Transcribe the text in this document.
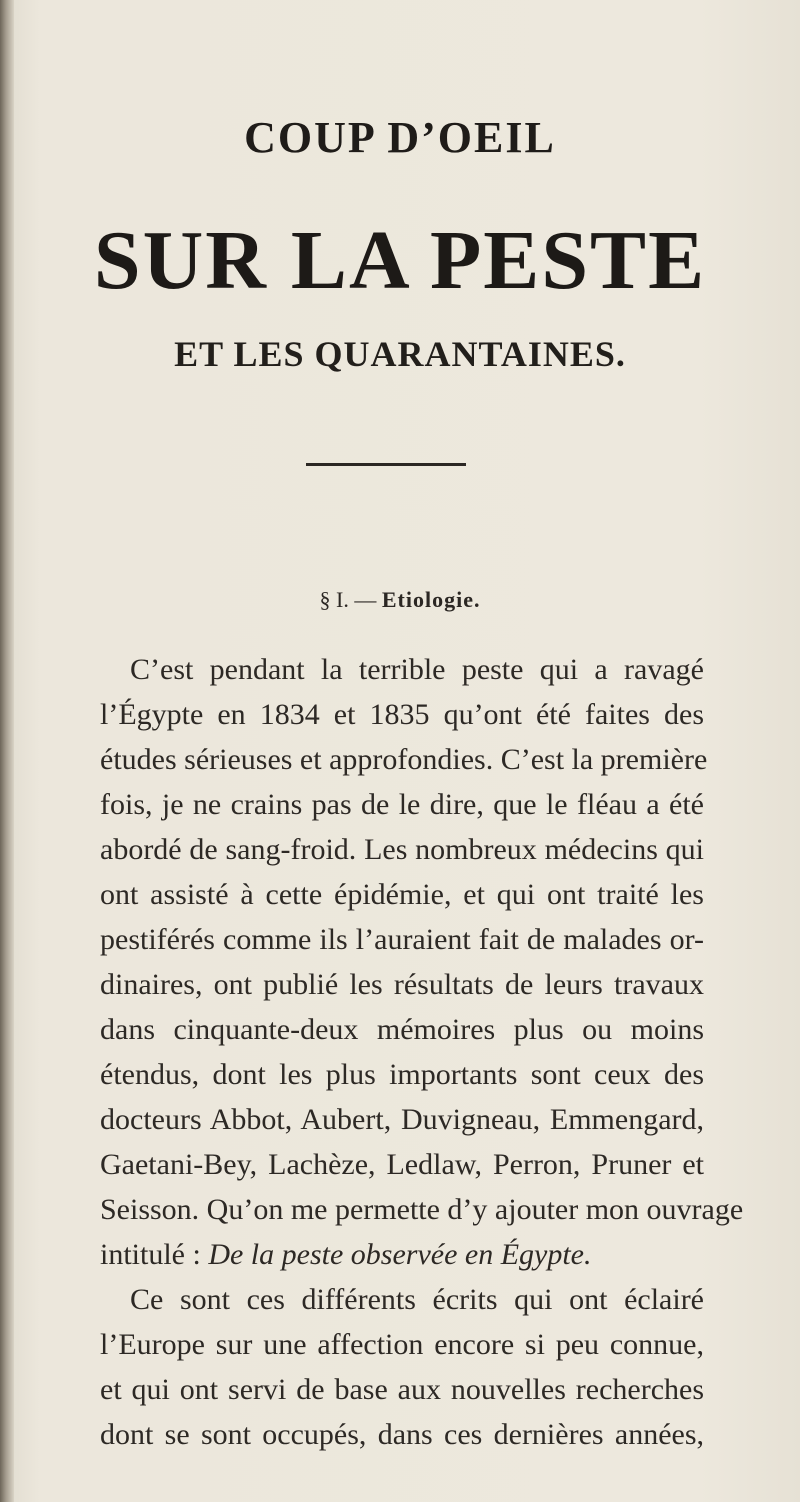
COUP D’OEIL
SUR LA PESTE
ET LES QUARANTAINES.
§ I. — Etiologie.
C’est pendant la terrible peste qui a ravagé
l’Égypte en 1834 et 1835 qu’ont été faites des
études sérieuses et approfondies. C’est la première
fois, je ne crains pas de le dire, que le fléau a été
abordé de sang-froid. Les nombreux médecins qui
ont assisté à cette épidémie, et qui ont traité les
pestiférés comme ils l’auraient fait de malades or-
dinaires, ont publié les résultats de leurs travaux
dans cinquante-deux mémoires plus ou moins
étendus, dont les plus importants sont ceux des
docteurs Abbot, Aubert, Duvigneau, Emmengard,
Gaetani-Bey, Lachèze, Ledlaw, Perron, Pruner et
Seisson. Qu’on me permette d’y ajouter mon ouvrage
intitulé : De la peste observée en Égypte.
Ce sont ces différents écrits qui ont éclairé
l’Europe sur une affection encore si peu connue,
et qui ont servi de base aux nouvelles recherches
dont se sont occupés, dans ces dernières années,
